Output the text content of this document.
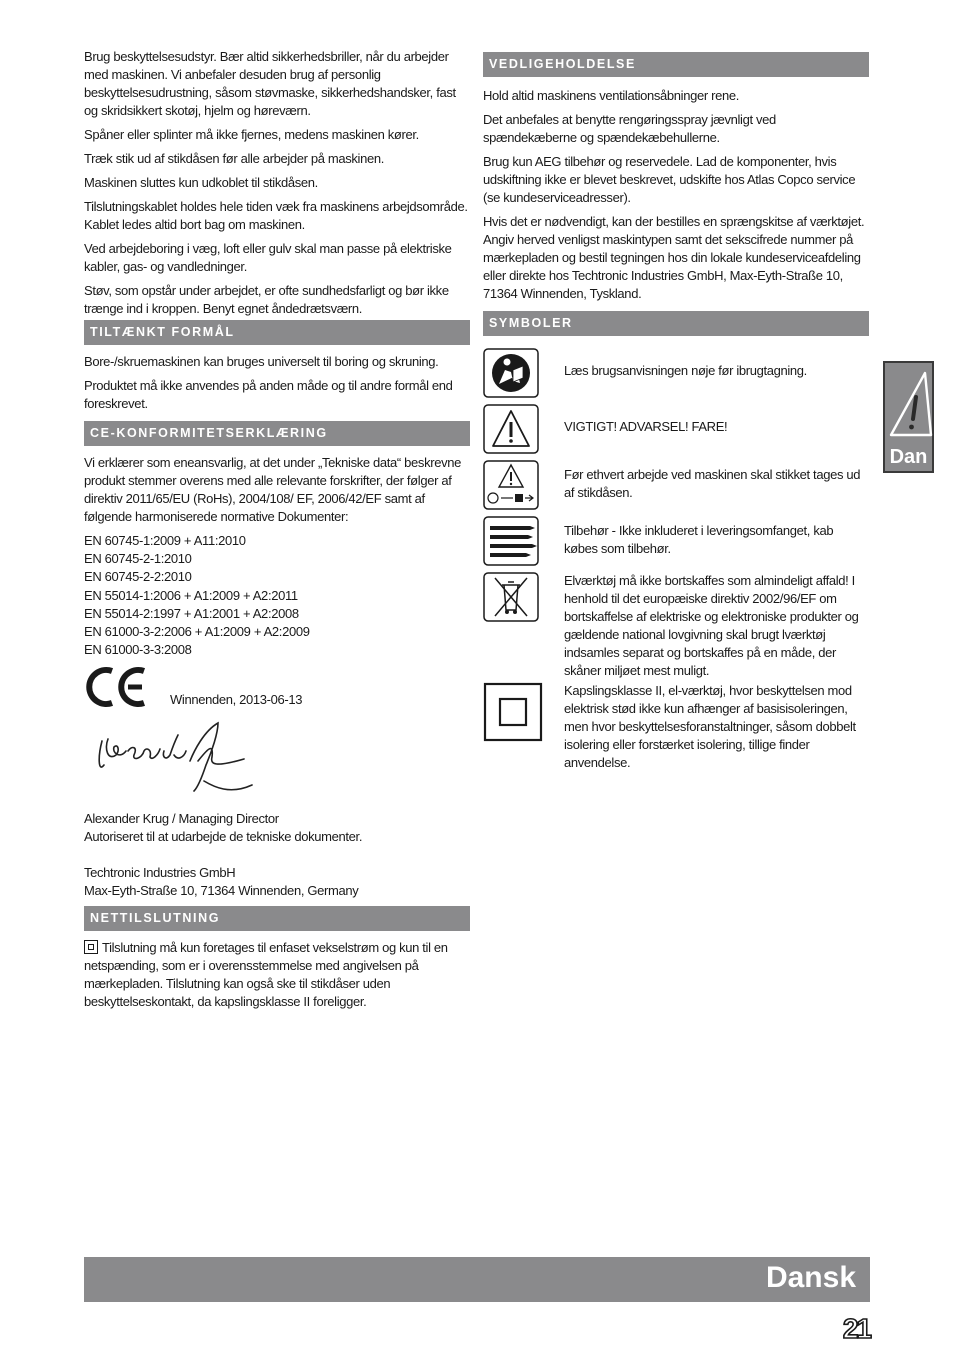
Brug beskyttelsesudstyr. Bær altid sikkerhedsbriller, når du arbejder med maskinen. Vi anbefaler desuden brug af personlig beskyttelsesudrustning, såsom støvmaske, sikkerhedshandsker, fast og skridsikkert skotøj, hjelm og høreværn.

Spåner eller splinter må ikke fjernes, medens maskinen kører.

Træk stik ud af stikdåsen før alle arbejder på maskinen.

Maskinen sluttes kun udkoblet til stikdåsen.

Tilslutningskablet holdes hele tiden væk fra maskinens arbejdsområde. Kablet ledes altid bort bag om maskinen.

Ved arbejdeboring i væg, loft eller gulv skal man passe på elektriske kabler, gas- og vandledninger.

Støv, som opstår under arbejdet, er ofte sundhedsfarligt og bør ikke trænge ind i kroppen. Benyt egnet åndedrætsværn.

TILTÆNKT FORMÅL

Bore-/skruemaskinen kan bruges universelt til boring og skruning.

Produktet må ikke anvendes på anden måde og til andre formål end foreskrevet.

CE-KONFORMITETSERKLÆRING

Vi erklærer som eneansvarlig, at det under „Tekniske data“ beskrevne produkt stemmer overens med alle relevante forskrifter, der følger af direktiv 2011/65/EU (RoHs), 2004/108/ EF, 2006/42/EF samt af følgende harmoniserede normative Dokumenter:

EN 60745-1:2009 + A11:2010
EN 60745-2-1:2010
EN 60745-2-2:2010
EN 55014-1:2006 + A1:2009 + A2:2011
EN 55014-2:1997 + A1:2001 + A2:2008
EN 61000-3-2:2006 + A1:2009 + A2:2009
EN 61000-3-3:2008
Winnenden, 2013-06-13
Alexander Krug / Managing Director
Autoriseret til at udarbejde de tekniske dokumenter.
Techtronic Industries GmbH
Max-Eyth-Straße 10, 71364 Winnenden, Germany
NETTILSLUTNING

Tilslutning må kun foretages til enfaset vekselstrøm og kun til en netspænding, som er i overensstemmelse med angivelsen på mærkepladen. Tilslutning kan også ske til stikdåser uden beskyttelseskontakt, da kapslingsklasse II foreligger.

VEDLIGEHOLDELSE

Hold altid maskinens ventilationsåbninger rene.

Det anbefales at benytte rengøringsspray jævnligt ved spændekæberne og spændekæbehullerne.

Brug kun AEG tilbehør og reservedele. Lad de komponenter, hvis udskiftning ikke er blevet beskrevet, udskifte hos Atlas Copco service (se kundeserviceadresser).

Hvis det er nødvendigt, kan der bestilles en sprængskitse af værktøjet. Angiv herved venligst maskintypen samt det sekscifrede nummer på mærkepladen og bestil tegningen hos din lokale kundeserviceafdeling eller direkte hos Techtronic Industries GmbH, Max-Eyth-Straße 10, 71364 Winnenden, Tyskland.

SYMBOLER
Læs brugsanvisningen nøje før ibrugtagning.
VIGTIGT! ADVARSEL! FARE!
Før ethvert arbejde ved maskinen skal stikket tages ud af stikdåsen.
Tilbehør - Ikke inkluderet i leveringsomfanget, kab købes som tilbehør.
Elværktøj må ikke bortskaffes som almindeligt affald! I henhold til det europæiske direktiv 2002/96/EF om bortskaffelse af elektriske og elektroniske produkter og gældende national lovgivning skal brugt lværktøj indsamles separat og bortskaffes på en måde, der skåner miljøet mest muligt.
Kapslingsklasse II, el-værktøj, hvor beskyttelsen mod elektrisk stød ikke kun afhænger af basisisoleringen, men hvor beskyttelsesforanstaltninger, såsom dobbelt isolering eller forstærket isolering, tillige finder anvendelse.
Dan
Dansk
21
